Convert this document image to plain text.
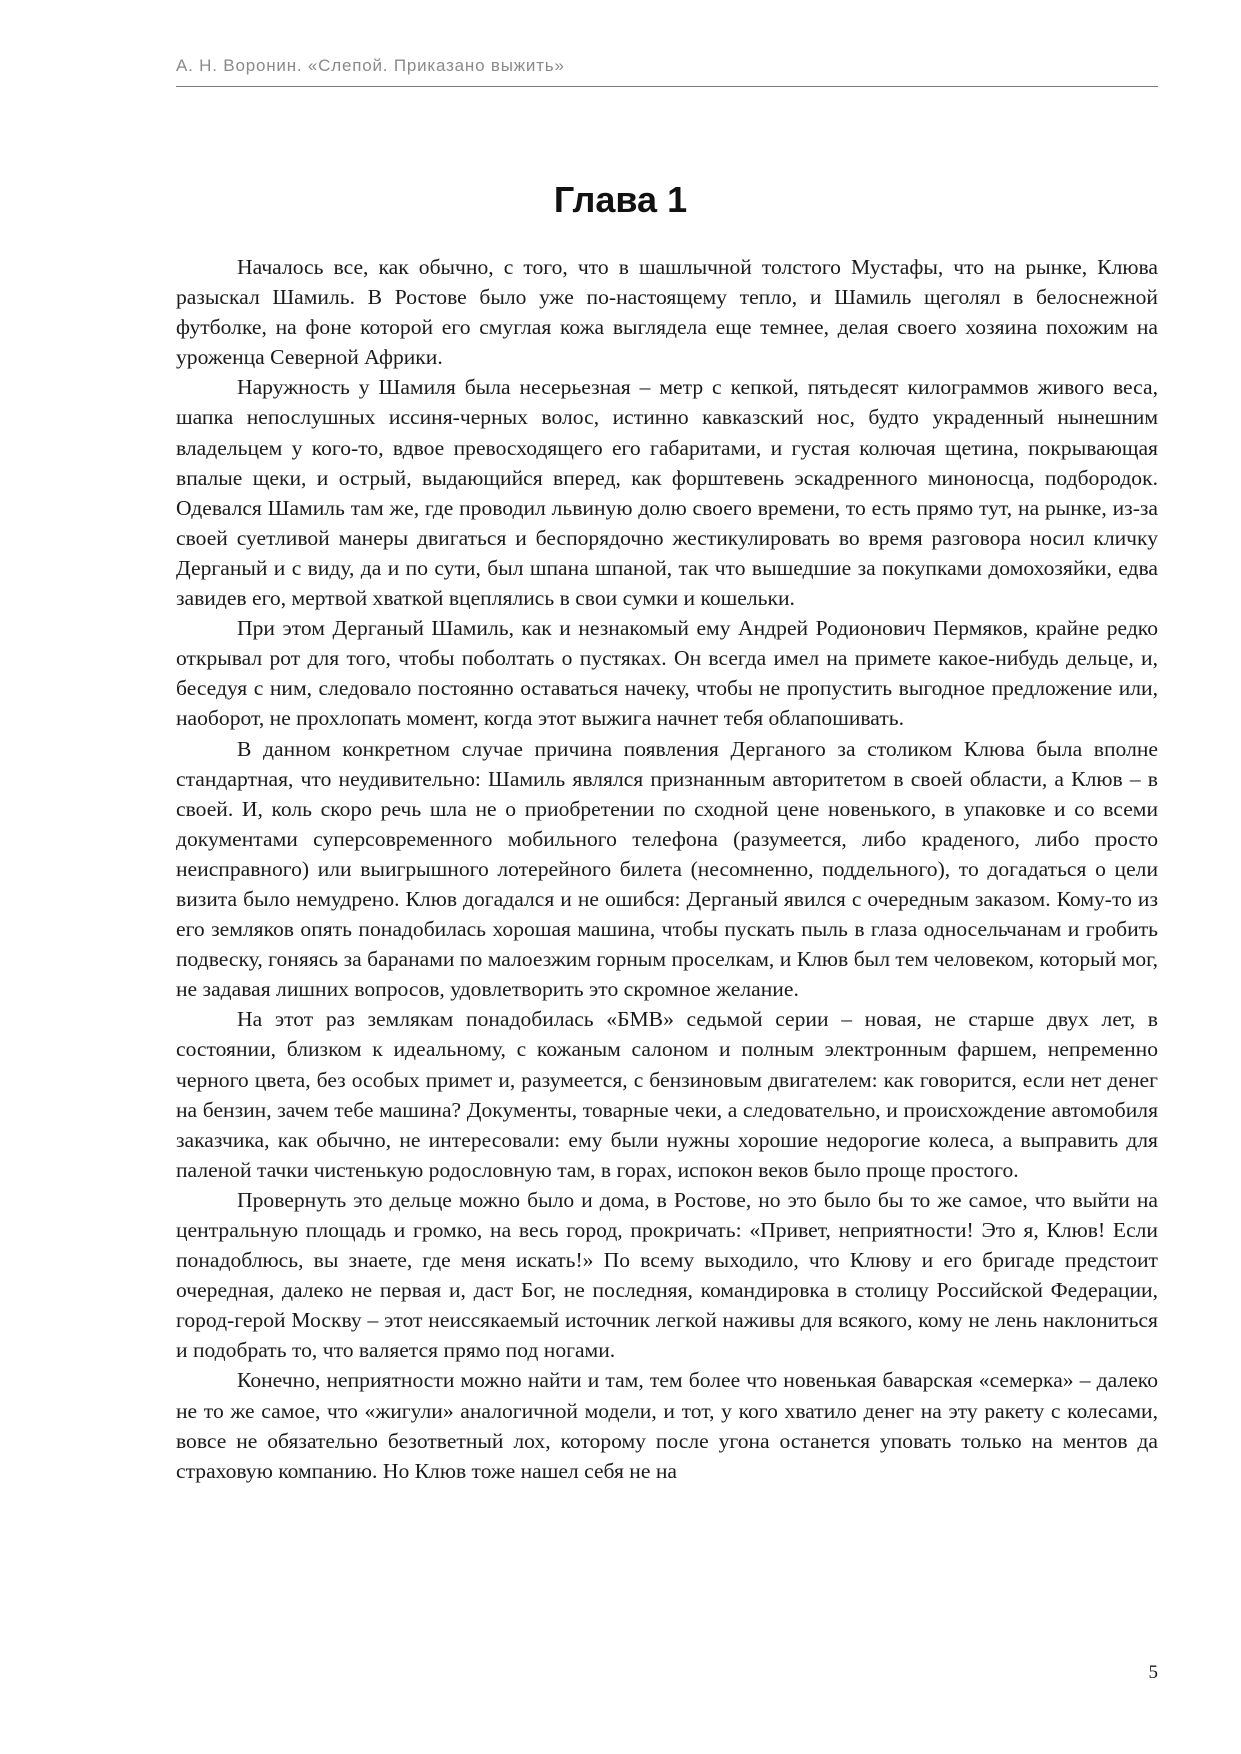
А. Н. Воронин. «Слепой. Приказано выжить»
Глава 1

Началось все, как обычно, с того, что в шашлычной толстого Мустафы, что на рынке, Клюва разыскал Шамиль. В Ростове было уже по-настоящему тепло, и Шамиль щеголял в белоснежной футболке, на фоне которой его смуглая кожа выглядела еще темнее, делая своего хозяина похожим на уроженца Северной Африки.

Наружность у Шамиля была несерьезная – метр с кепкой, пятьдесят килограммов живого веса, шапка непослушных иссиня-черных волос, истинно кавказский нос, будто украденный нынешним владельцем у кого-то, вдвое превосходящего его габаритами, и густая колючая щетина, покрывающая впалые щеки, и острый, выдающийся вперед, как форштевень эскадренного миноносца, подбородок. Одевался Шамиль там же, где проводил львиную долю своего времени, то есть прямо тут, на рынке, из-за своей суетливой манеры двигаться и беспорядочно жестикулировать во время разговора носил кличку Дерганый и с виду, да и по сути, был шпана шпаной, так что вышедшие за покупками домохозяйки, едва завидев его, мертвой хваткой вцеплялись в свои сумки и кошельки.

При этом Дерганый Шамиль, как и незнакомый ему Андрей Родионович Пермяков, крайне редко открывал рот для того, чтобы поболтать о пустяках. Он всегда имел на примете какое-нибудь дельце, и, беседуя с ним, следовало постоянно оставаться начеку, чтобы не пропустить выгодное предложение или, наоборот, не прохлопать момент, когда этот выжига начнет тебя облапошивать.

В данном конкретном случае причина появления Дерганого за столиком Клюва была вполне стандартная, что неудивительно: Шамиль являлся признанным авторитетом в своей области, а Клюв – в своей. И, коль скоро речь шла не о приобретении по сходной цене новенького, в упаковке и со всеми документами суперсовременного мобильного телефона (разумеется, либо краденого, либо просто неисправного) или выигрышного лотерейного билета (несомненно, поддельного), то догадаться о цели визита было немудрено. Клюв догадался и не ошибся: Дерганый явился с очередным заказом. Кому-то из его земляков опять понадобилась хорошая машина, чтобы пускать пыль в глаза односельчанам и гробить подвеску, гоняясь за баранами по малоезжим горным проселкам, и Клюв был тем человеком, который мог, не задавая лишних вопросов, удовлетворить это скромное желание.

На этот раз землякам понадобилась «БМВ» седьмой серии – новая, не старше двух лет, в состоянии, близком к идеальному, с кожаным салоном и полным электронным фаршем, непременно черного цвета, без особых примет и, разумеется, с бензиновым двигателем: как говорится, если нет денег на бензин, зачем тебе машина? Документы, товарные чеки, а следовательно, и происхождение автомобиля заказчика, как обычно, не интересовали: ему были нужны хорошие недорогие колеса, а выправить для паленой тачки чистенькую родословную там, в горах, испокон веков было проще простого.

Провернуть это дельце можно было и дома, в Ростове, но это было бы то же самое, что выйти на центральную площадь и громко, на весь город, прокричать: «Привет, неприятности! Это я, Клюв! Если понадоблюсь, вы знаете, где меня искать!» По всему выходило, что Клюву и его бригаде предстоит очередная, далеко не первая и, даст Бог, не последняя, командировка в столицу Российской Федерации, город-герой Москву – этот неиссякаемый источник легкой наживы для всякого, кому не лень наклониться и подобрать то, что валяется прямо под ногами.

Конечно, неприятности можно найти и там, тем более что новенькая баварская «семерка» – далеко не то же самое, что «жигули» аналогичной модели, и тот, у кого хватило денег на эту ракету с колесами, вовсе не обязательно безответный лох, которому после угона останется уповать только на ментов да страховую компанию. Но Клюв тоже нашел себя не на

5
